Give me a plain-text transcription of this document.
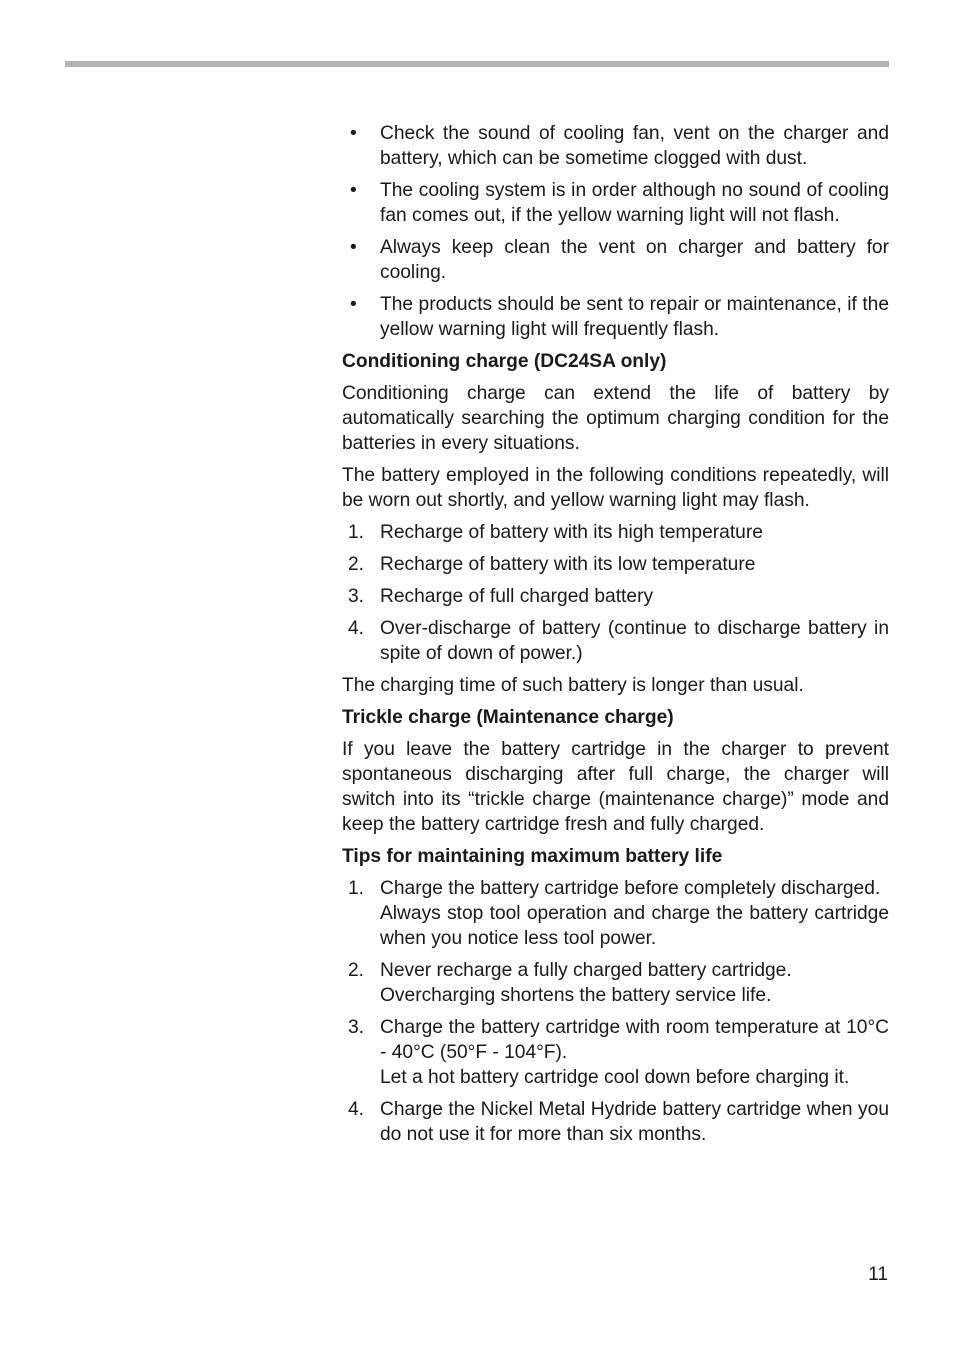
•	Check the sound of cooling fan, vent on the charger and battery, which can be sometime clogged with dust.
•	The cooling system is in order although no sound of cooling fan comes out, if the yellow warning light will not flash.
•	Always keep clean the vent on charger and battery for cooling.
•	The products should be sent to repair or maintenance, if the yellow warning light will frequently flash.

Conditioning charge (DC24SA only)

Conditioning charge can extend the life of battery by automatically searching the optimum charging condition for the batteries in every situations.

The battery employed in the following conditions repeatedly, will be worn out shortly, and yellow warning light may flash.

1. Recharge of battery with its high temperature
2. Recharge of battery with its low temperature
3. Recharge of full charged battery
4. Over-discharge of battery (continue to discharge battery in spite of down of power.)

The charging time of such battery is longer than usual.

Trickle charge (Maintenance charge)

If you leave the battery cartridge in the charger to prevent spontaneous discharging after full charge, the charger will switch into its “trickle charge (maintenance charge)” mode and keep the battery cartridge fresh and fully charged.

Tips for maintaining maximum battery life

1. Charge the battery cartridge before completely discharged.
Always stop tool operation and charge the battery cartridge when you notice less tool power.
2. Never recharge a fully charged battery cartridge.
Overcharging shortens the battery service life.
3. Charge the battery cartridge with room temperature at 10°C - 40°C (50°F - 104°F).
Let a hot battery cartridge cool down before charging it.
4. Charge the Nickel Metal Hydride battery cartridge when you do not use it for more than six months.
11
